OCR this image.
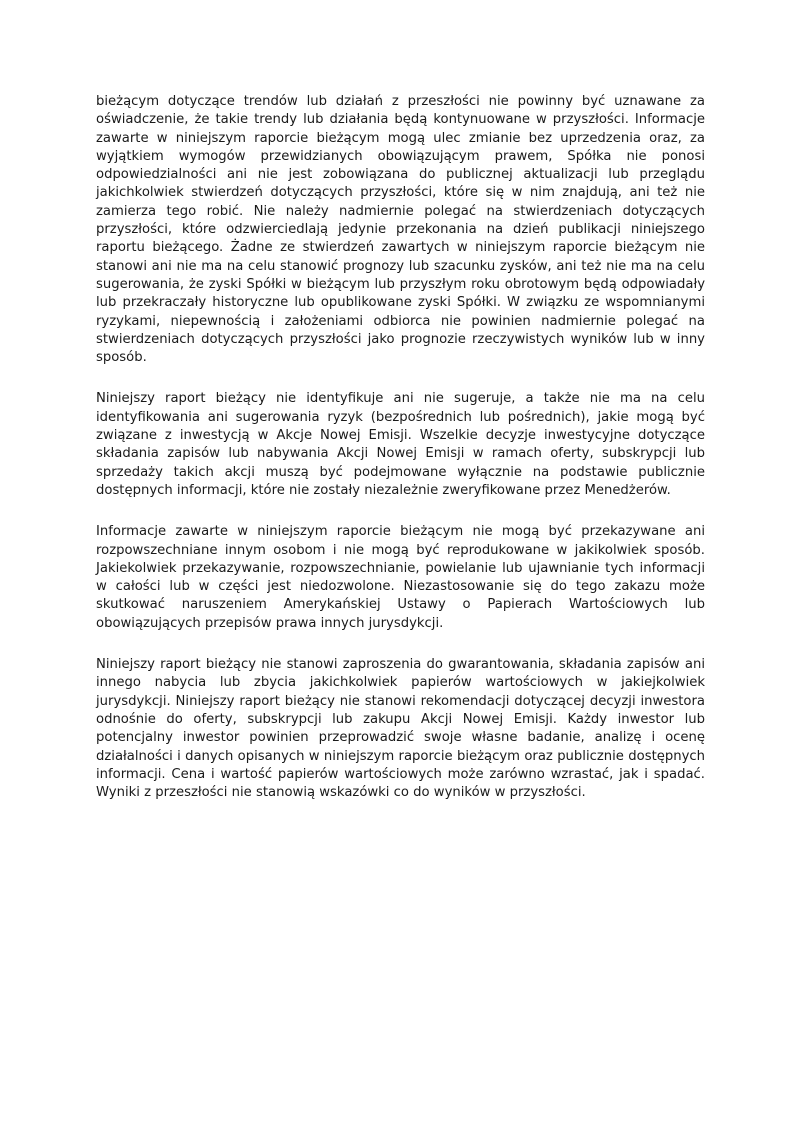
bieżącym dotyczące trendów lub działań z przeszłości nie powinny być uznawane za oświadczenie, że takie trendy lub działania będą kontynuowane w przyszłości. Informacje zawarte w niniejszym raporcie bieżącym mogą ulec zmianie bez uprzedzenia oraz, za wyjątkiem wymogów przewidzianych obowiązującym prawem, Spółka nie ponosi odpowiedzialności ani nie jest zobowiązana do publicznej aktualizacji lub przeglądu jakichkolwiek stwierdzeń dotyczących przyszłości, które się w nim znajdują, ani też nie zamierza tego robić. Nie należy nadmiernie polegać na stwierdzeniach dotyczących przyszłości, które odzwierciedlają jedynie przekonania na dzień publikacji niniejszego raportu bieżącego. Żadne ze stwierdzeń zawartych w niniejszym raporcie bieżącym nie stanowi ani nie ma na celu stanowić prognozy lub szacunku zysków, ani też nie ma na celu sugerowania, że zyski Spółki w bieżącym lub przyszłym roku obrotowym będą odpowiadały lub przekraczały historyczne lub opublikowane zyski Spółki. W związku ze wspomnianymi ryzykami, niepewnością i założeniami odbiorca nie powinien nadmiernie polegać na stwierdzeniach dotyczących przyszłości jako prognozie rzeczywistych wyników lub w inny sposób.

Niniejszy raport bieżący nie identyfikuje ani nie sugeruje, a także nie ma na celu identyfikowania ani sugerowania ryzyk (bezpośrednich lub pośrednich), jakie mogą być związane z inwestycją w Akcje Nowej Emisji. Wszelkie decyzje inwestycyjne dotyczące składania zapisów lub nabywania Akcji Nowej Emisji w ramach oferty, subskrypcji lub sprzedaży takich akcji muszą być podejmowane wyłącznie na podstawie publicznie dostępnych informacji, które nie zostały niezależnie zweryfikowane przez Menedżerów.

Informacje zawarte w niniejszym raporcie bieżącym nie mogą być przekazywane ani rozpowszechniane innym osobom i nie mogą być reprodukowane w jakikolwiek sposób. Jakiekolwiek przekazywanie, rozpowszechnianie, powielanie lub ujawnianie tych informacji w całości lub w części jest niedozwolone. Niezastosowanie się do tego zakazu może skutkować naruszeniem Amerykańskiej Ustawy o Papierach Wartościowych lub obowiązujących przepisów prawa innych jurysdykcji.

Niniejszy raport bieżący nie stanowi zaproszenia do gwarantowania, składania zapisów ani innego nabycia lub zbycia jakichkolwiek papierów wartościowych w jakiejkolwiek jurysdykcji. Niniejszy raport bieżący nie stanowi rekomendacji dotyczącej decyzji inwestora odnośnie do oferty, subskrypcji lub zakupu Akcji Nowej Emisji. Każdy inwestor lub potencjalny inwestor powinien przeprowadzić swoje własne badanie, analizę i ocenę działalności i danych opisanych w niniejszym raporcie bieżącym oraz publicznie dostępnych informacji. Cena i wartość papierów wartościowych może zarówno wzrastać, jak i spadać. Wyniki z przeszłości nie stanowią wskazówki co do wyników w przyszłości.
